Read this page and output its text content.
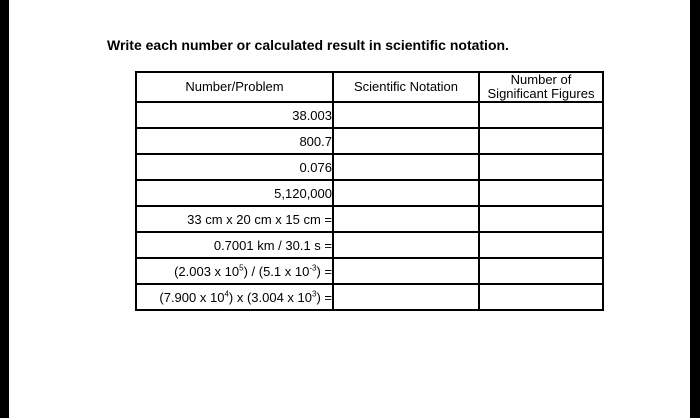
Write each number or calculated result in scientific notation.
Number/Problem	Scientific Notation	Number of
Significant Figures
38.003		
800.7		
0.076		
5,120,000		
33 cm x 20 cm x 15 cm =		
0.7001 km / 30.1 s =		
(2.003 x $10^5) / (5.1$ x $10^{-3}$) =		
(7.900 x $10^4$) x (3.004 x $10^3$) =		
